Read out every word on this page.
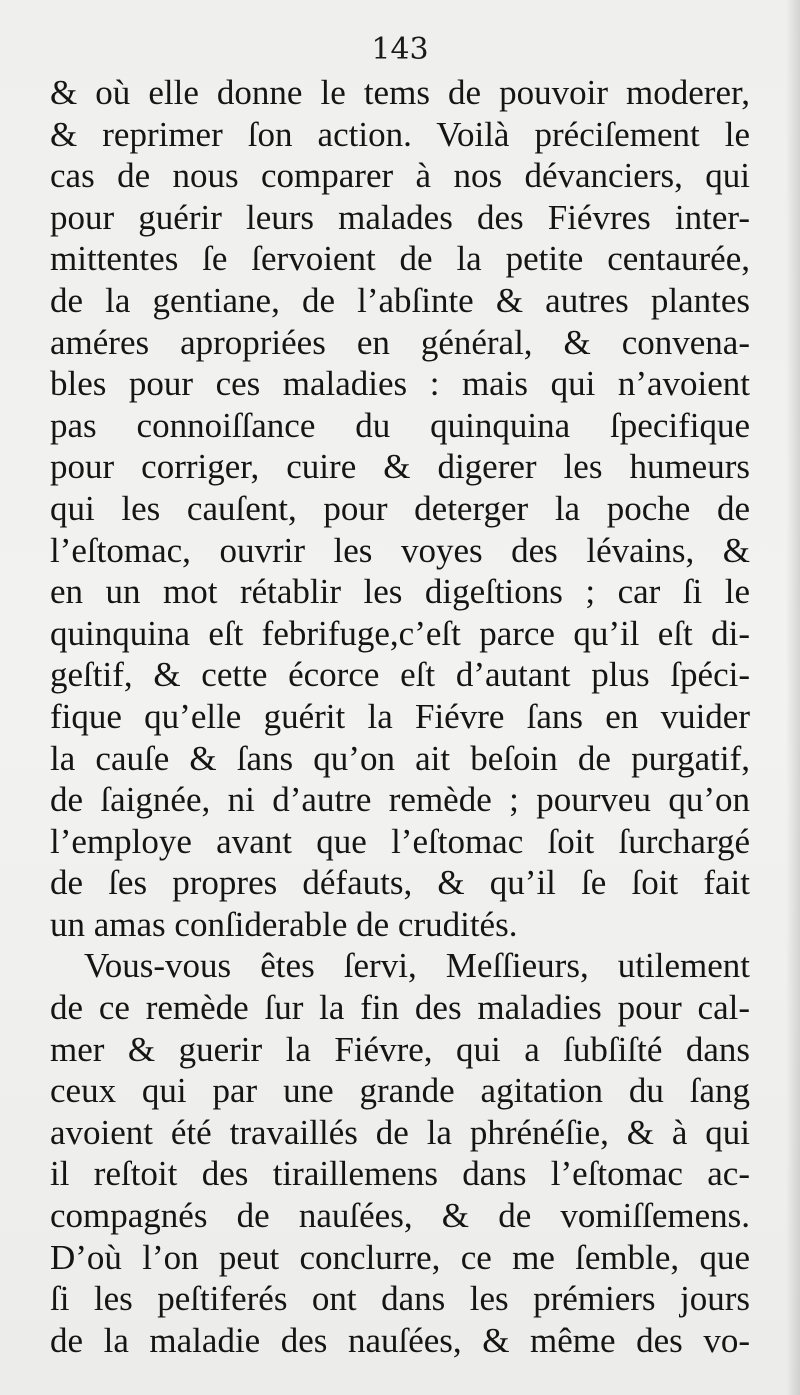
143
& où elle donne le tems de pouvoir moderer,
& reprimer ſon action. Voilà préciſement le
cas de nous comparer à nos dévanciers, qui
pour guérir leurs malades des Fiévres inter-
mittentes ſe ſervoient de la petite centaurée,
de la gentiane, de l’abſinte & autres plantes
améres apropriées en général, & convena-
bles pour ces maladies : mais qui n’avoient
pas connoiſſance du quinquina ſpecifique
pour corriger, cuire & digerer les humeurs
qui les cauſent, pour deterger la poche de
l’eſtomac, ouvrir les voyes des lévains, &
en un mot rétablir les digeſtions ; car ſi le
quinquina eſt febrifuge,c’eſt parce qu’il eſt di-
geſtif, & cette écorce eſt d’autant plus ſpéci-
fique qu’elle guérit la Fiévre ſans en vuider
la cauſe & ſans qu’on ait beſoin de purgatif,
de ſaignée, ni d’autre remède ; pourveu qu’on
l’employe avant que l’eſtomac ſoit ſurchargé
de ſes propres défauts, & qu’il ſe ſoit fait
un amas conſiderable de crudités.
Vous-vous êtes ſervi, Meſſieurs, utilement
de ce remède ſur la fin des maladies pour cal-
mer & guerir la Fiévre, qui a ſubſiſté dans
ceux qui par une grande agitation du ſang
avoient été travaillés de la phrénéſie, & à qui
il reſtoit des tiraillemens dans l’eſtomac ac-
compagnés de nauſées, & de vomiſſemens.
D’où l’on peut conclurre, ce me ſemble, que
ſi les peſtiferés ont dans les prémiers jours
de la maladie des nauſées, & même des vo-
